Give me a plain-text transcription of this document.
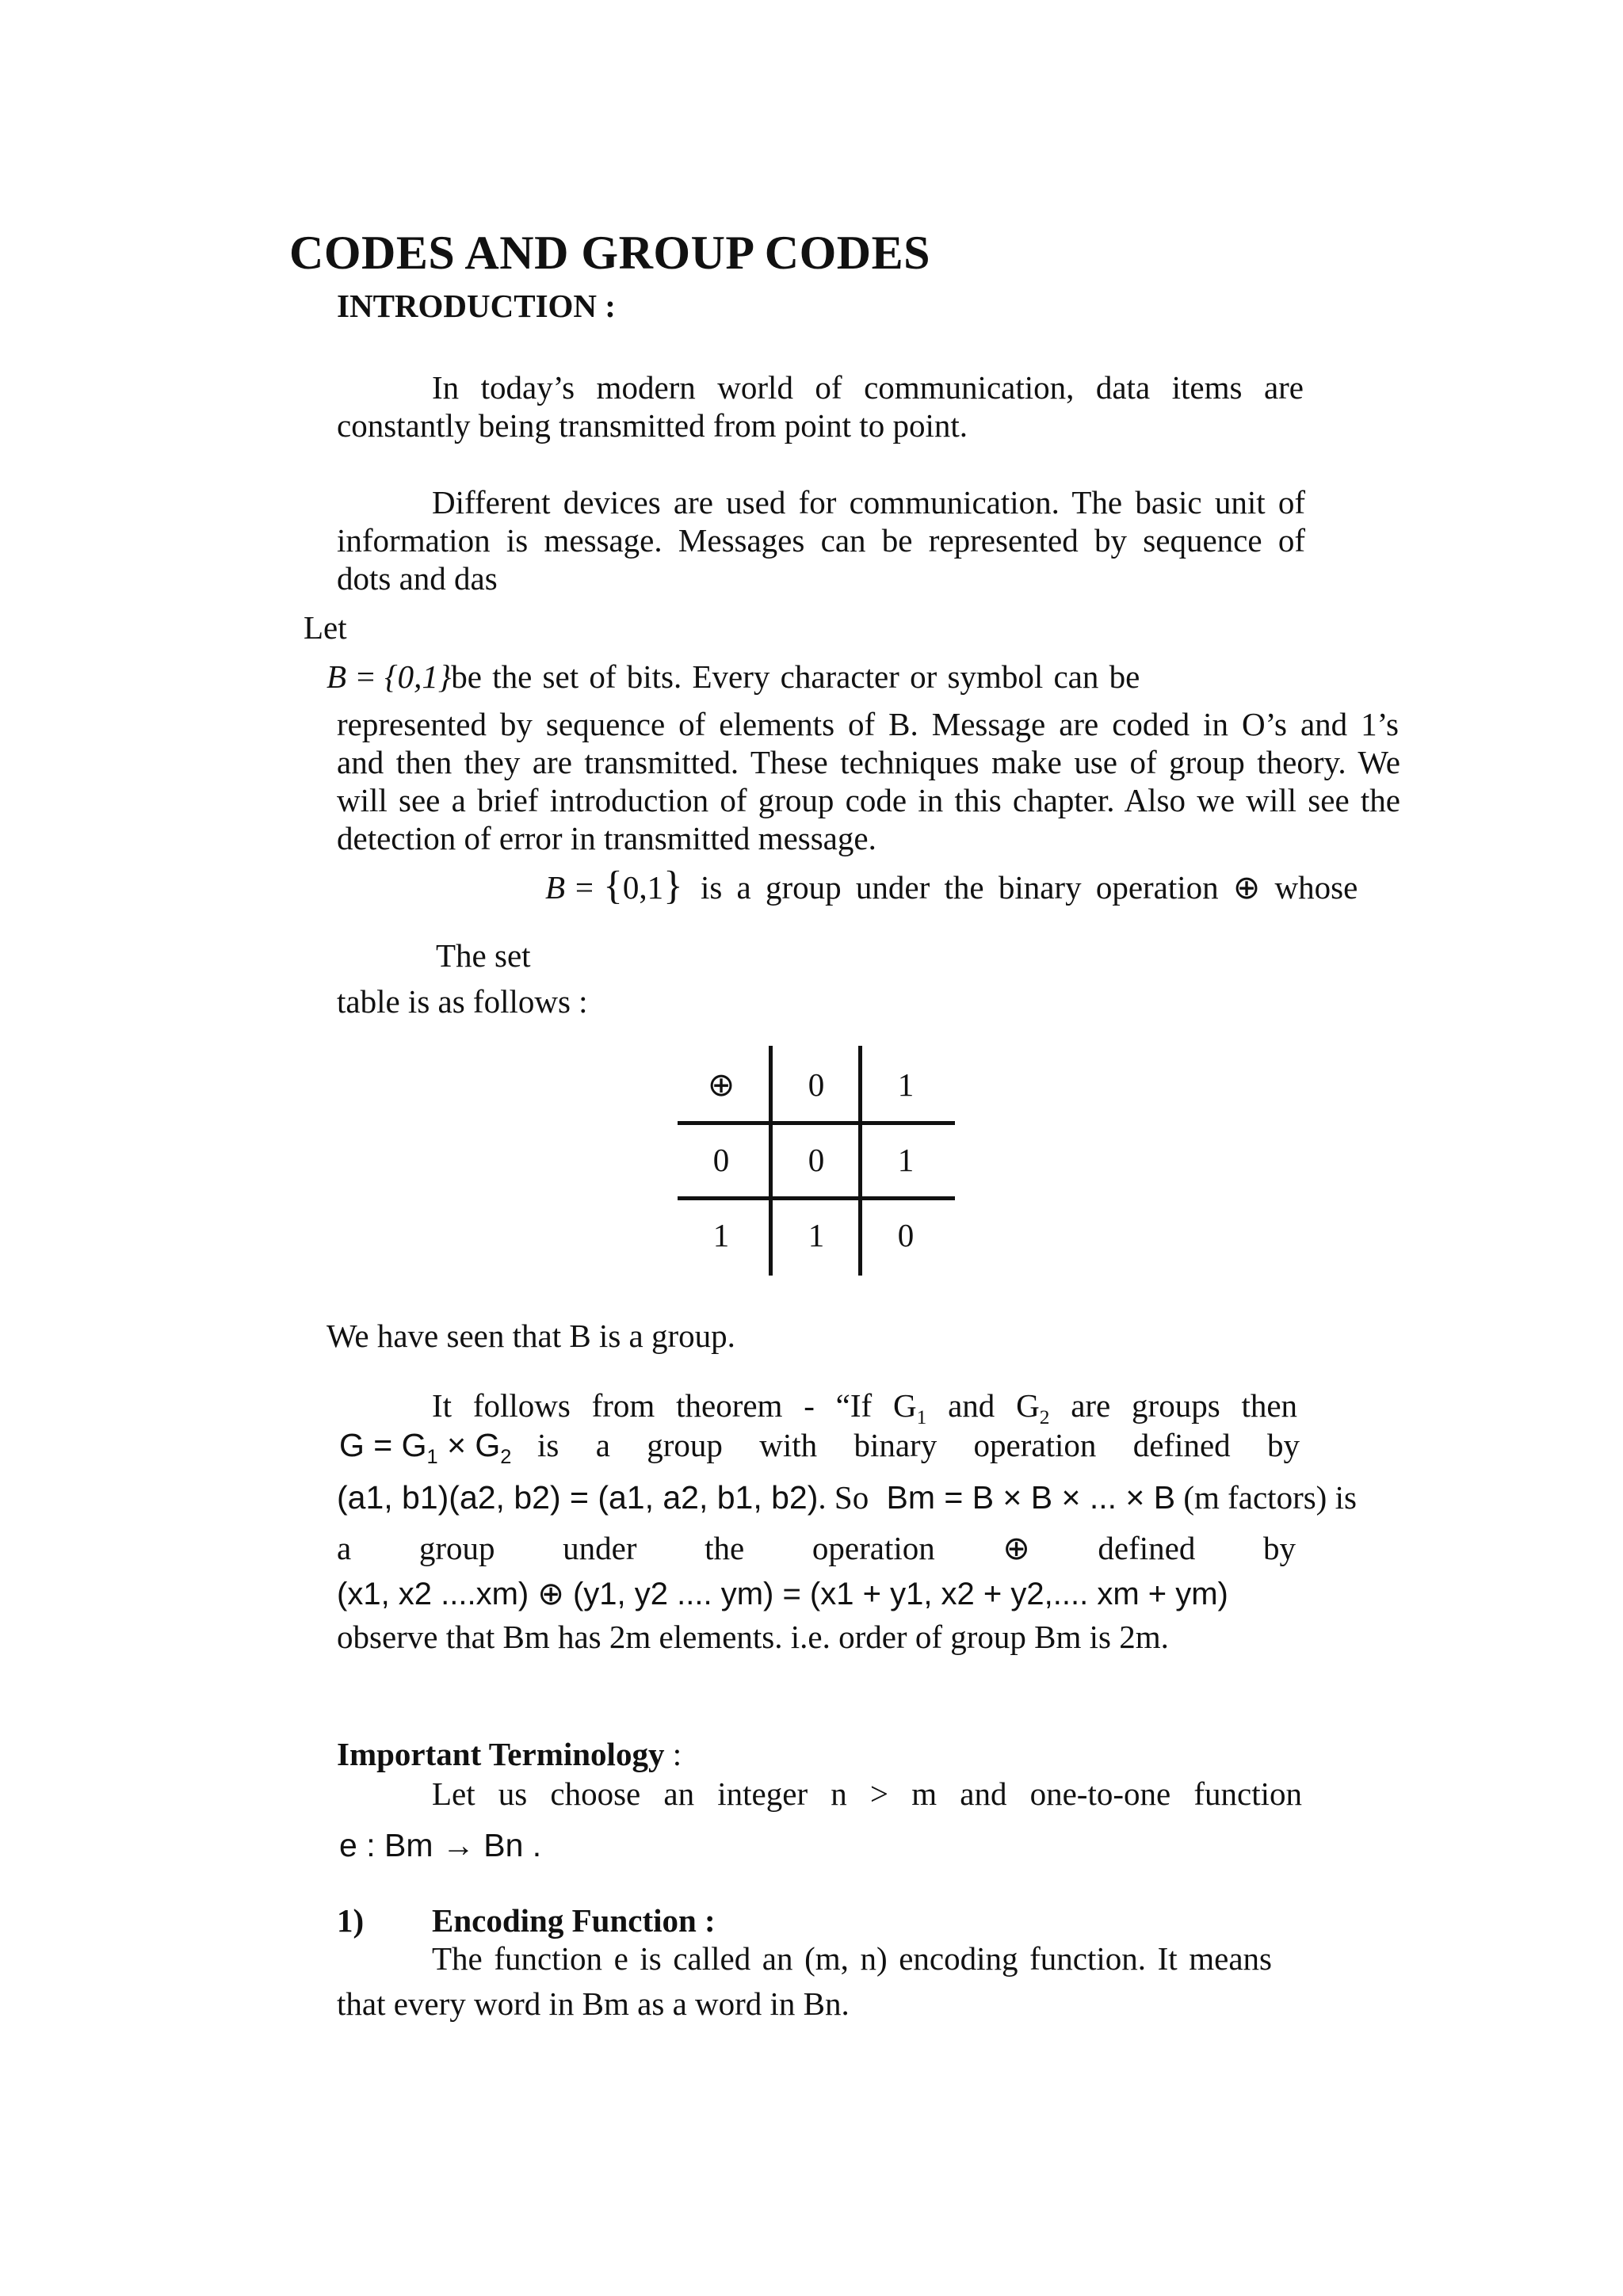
CODES AND GROUP CODES
INTRODUCTION :
In today’s modern world of communication, data items are
constantly being transmitted from point to point.
Different devices are used for communication. The basic unit of
information is message. Messages can be represented by sequence of
dots and das
Let
B = {0,1}be the set of bits. Every character or symbol can be
represented by sequence of elements of B. Message are coded in O’s and 1’s
and then they are transmitted. These techniques make use of group theory. We
will see a brief introduction of group code in this chapter. Also we will see the
detection of error in transmitted message.
B = {0,1} is a group under the binary operation ⊕ whose
The set
table is as follows :
⊕	0	1
0	0	1
1	1	0
We have seen that B is a group.
It follows from theorem - “If $G_1$ and $G_2$ are groups then
$G = G_1 \times G_2$ is a group with binary operation defined by
(a1, b1)(a2, b2) = (a1, a2, b1, b2). So Bm = B × B × ... × B (m factors) is
a group under the operation ⊕ defined by
(x1, x2 ....xm) ⊕ (y1, y2 .... ym) = (x1 + y1, x2 + y2,.... xm + ym)
observe that Bm has 2m elements. i.e. order of group Bm is 2m.
Important Terminology :
Let us choose an integer n > m and one-to-one function
e : Bm → Bn .
1) Encoding Function :
The function e is called an (m, n) encoding function. It means
that every word in Bm as a word in Bn.
